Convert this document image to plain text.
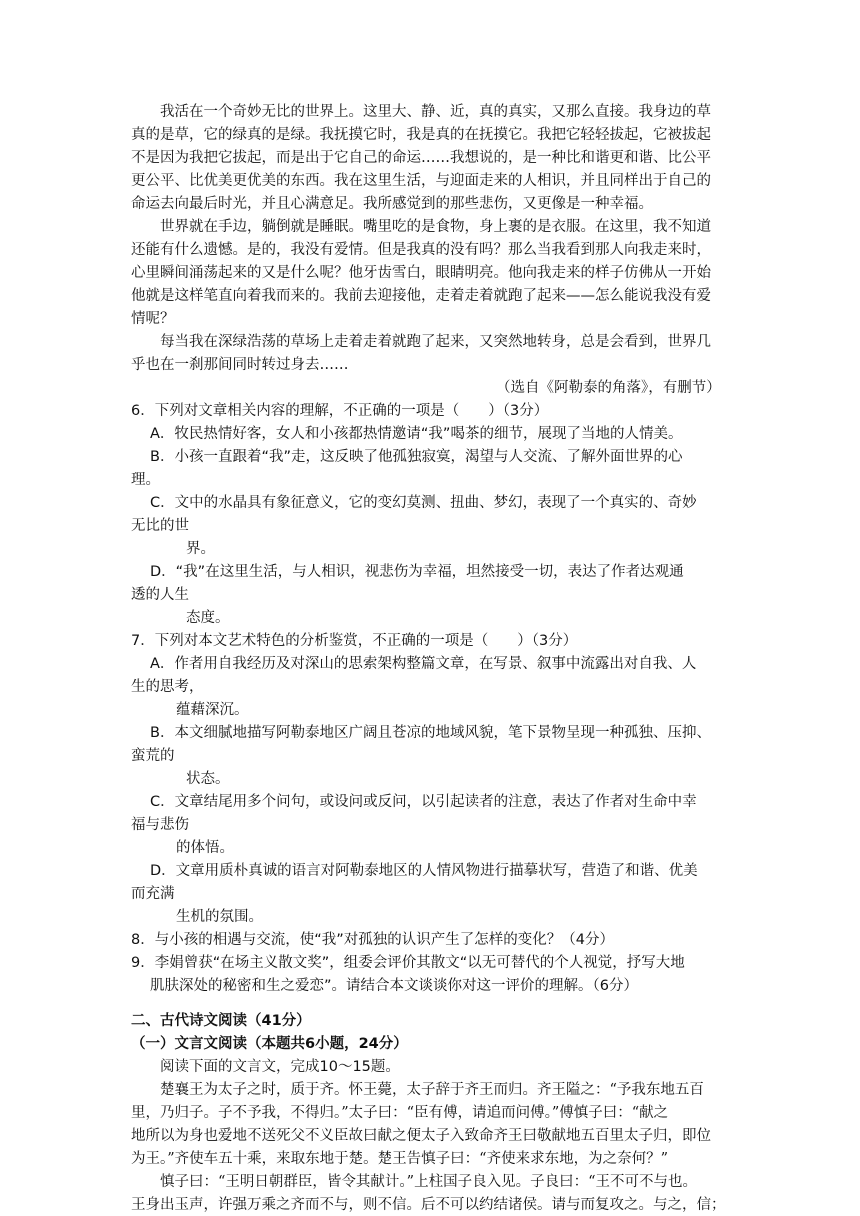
我活在一个奇妙无比的世界上。这里大、静、近，真的真实，又那么直接。我身边的草
真的是草，它的绿真的是绿。我抚摸它时，我是真的在抚摸它。我把它轻轻拔起，它被拔起
不是因为我把它拔起，而是出于它自己的命运……我想说的，是一种比和谐更和谐、比公平
更公平、比优美更优美的东西。我在这里生活，与迎面走来的人相识，并且同样出于自己的
命运去向最后时光，并且心满意足。我所感觉到的那些悲伤，又更像是一种幸福。
世界就在手边，躺倒就是睡眠。嘴里吃的是食物，身上裹的是衣服。在这里，我不知道
还能有什么遗憾。是的，我没有爱情。但是我真的没有吗？那么当我看到那人向我走来时，
心里瞬间涌荡起来的又是什么呢？他牙齿雪白，眼睛明亮。他向我走来的样子仿佛从一开始
他就是这样笔直向着我而来的。我前去迎接他，走着走着就跑了起来——怎么能说我没有爱
情呢？
每当我在深绿浩荡的草场上走着走着就跑了起来，又突然地转身，总是会看到，世界几
乎也在一刹那间同时转过身去……
（选自《阿勒泰的角落》，有删节）
6．下列对文章相关内容的理解，不正确的一项是（　　）（3分）
A．牧民热情好客，女人和小孩都热情邀请“我”喝茶的细节，展现了当地的人情美。
B．小孩一直跟着“我”走，这反映了他孤独寂寞，渴望与人交流、了解外面世界的心
理。
C．文中的水晶具有象征意义，它的变幻莫测、扭曲、梦幻，表现了一个真实的、奇妙
无比的世
界。
D．“我”在这里生活，与人相识，视悲伤为幸福，坦然接受一切，表达了作者达观通
透的人生
态度。
7．下列对本文艺术特色的分析鉴赏，不正确的一项是（　　）（3分）
A．作者用自我经历及对深山的思索架构整篇文章，在写景、叙事中流露出对自我、人
生的思考，
蕴藉深沉。
B．本文细腻地描写阿勒泰地区广阔且苍凉的地域风貌，笔下景物呈现一种孤独、压抑、
蛮荒的
状态。
C．文章结尾用多个问句，或设问或反问，以引起读者的注意，表达了作者对生命中幸
福与悲伤
的体悟。
D．文章用质朴真诚的语言对阿勒泰地区的人情风物进行描摹状写，营造了和谐、优美
而充满
生机的氛围。
8．与小孩的相遇与交流，使“我”对孤独的认识产生了怎样的变化？（4分）
9．李娟曾获“在场主义散文奖”，组委会评价其散文“以无可替代的个人视觉，抒写大地
肌肤深处的秘密和生之爱恋”。请结合本文谈谈你对这一评价的理解。（6分）
二、古代诗文阅读（41分）
（一）文言文阅读（本题共6小题，24分）
阅读下面的文言文，完成10～15题。
楚襄王为太子之时，质于齐。怀王薨，太子辞于齐王而归。齐王隘之：“予我东地五百
里，乃归子。子不予我，不得归。”太子曰：“臣有傅，请追而问傅。”傅慎子曰：“献之
地所以为身也爱地不送死父不义臣故曰献之便太子入致命齐王曰敬献地五百里太子归，即位
为王。”齐使车五十乘，来取东地于楚。楚王告慎子曰：“齐使来求东地，为之奈何？”
慎子曰：“王明日朝群臣，皆令其献计。”上柱国子良入见。子良曰：“王不可不与也。
王身出玉声，许强万乘之齐而不与，则不信。后不可以约结诸侯。请与而复攻之。与之，信；
